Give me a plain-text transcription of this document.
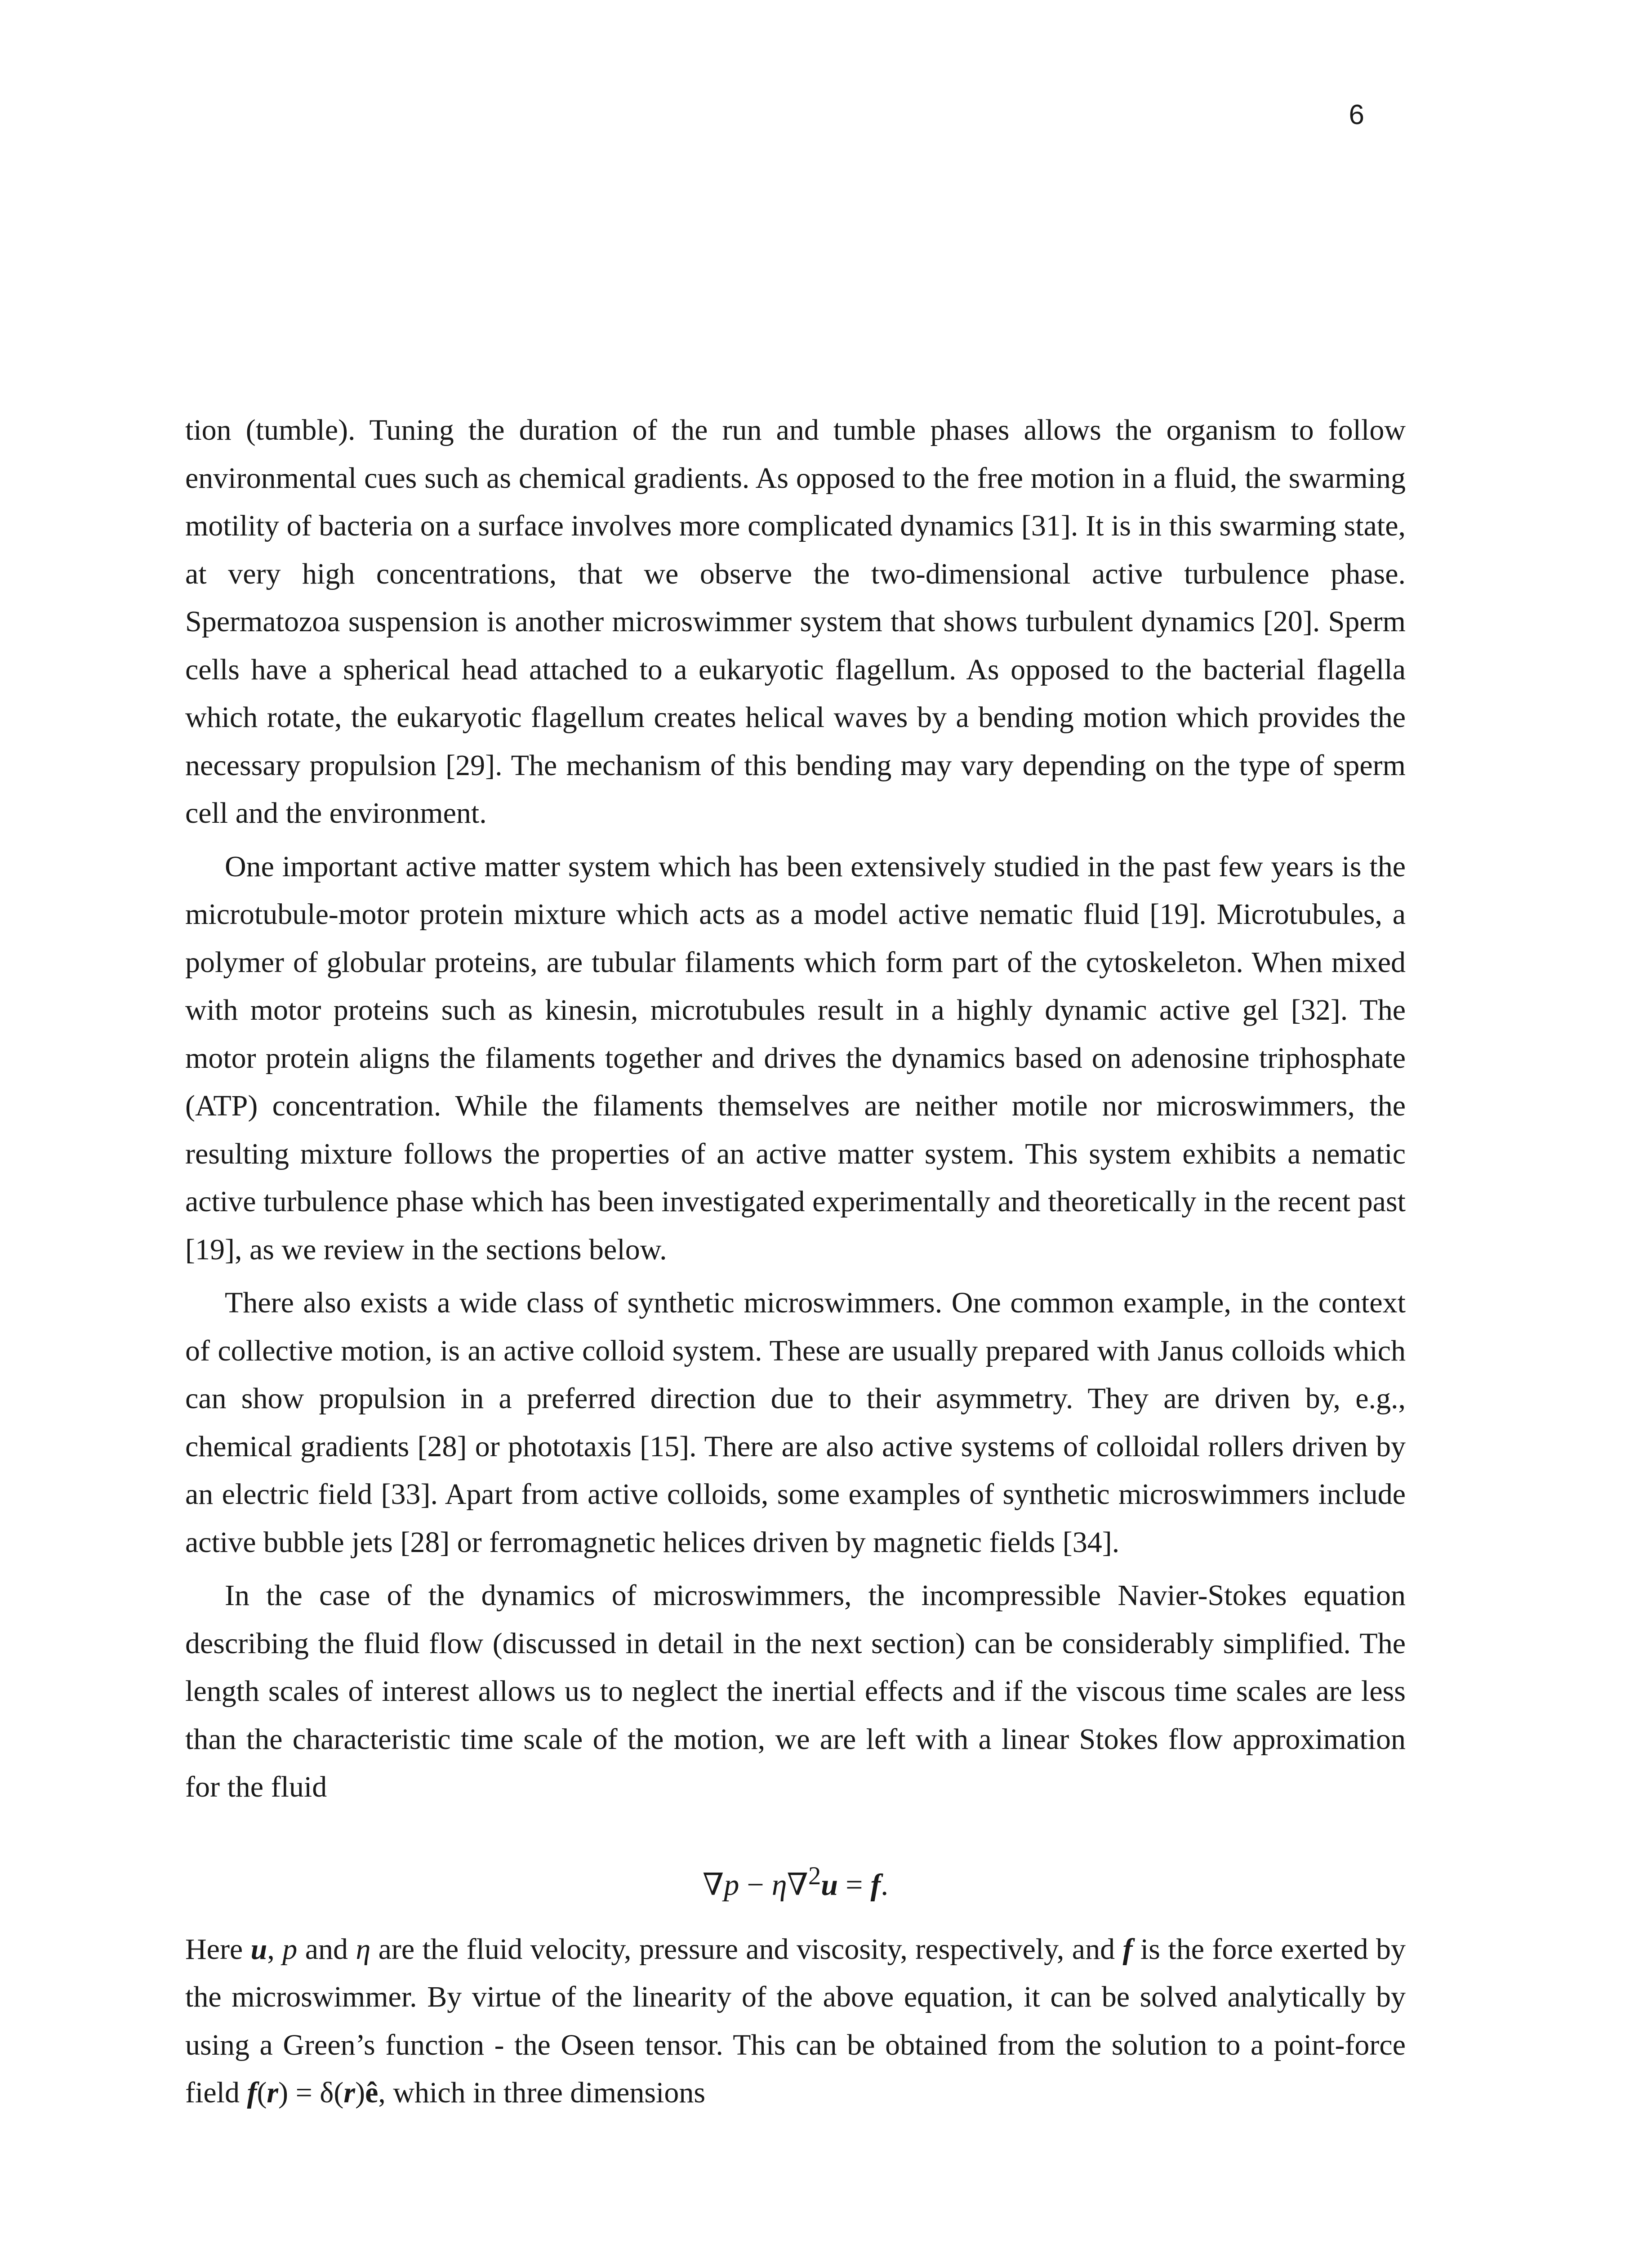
6

tion (tumble). Tuning the duration of the run and tumble phases allows the organism to follow environmental cues such as chemical gradients. As opposed to the free motion in a fluid, the swarming motility of bacteria on a surface involves more complicated dynamics [31]. It is in this swarming state, at very high concentrations, that we observe the two-dimensional active turbulence phase. Spermatozoa suspension is another microswimmer system that shows turbulent dynamics [20]. Sperm cells have a spherical head attached to a eukaryotic flagellum. As opposed to the bacterial flagella which rotate, the eukaryotic flagellum creates helical waves by a bending motion which provides the necessary propulsion [29]. The mechanism of this bending may vary depending on the type of sperm cell and the environment.

One important active matter system which has been extensively studied in the past few years is the microtubule-motor protein mixture which acts as a model active nematic fluid [19]. Microtubules, a polymer of globular proteins, are tubular filaments which form part of the cytoskeleton. When mixed with motor proteins such as kinesin, microtubules result in a highly dynamic active gel [32]. The motor protein aligns the filaments together and drives the dynamics based on adenosine triphosphate (ATP) concentration. While the filaments themselves are neither motile nor microswimmers, the resulting mixture follows the properties of an active matter system. This system exhibits a nematic active turbulence phase which has been investigated experimentally and theoretically in the recent past [19], as we review in the sections below.

There also exists a wide class of synthetic microswimmers. One common example, in the context of collective motion, is an active colloid system. These are usually prepared with Janus colloids which can show propulsion in a preferred direction due to their asymmetry. They are driven by, e.g., chemical gradients [28] or phototaxis [15]. There are also active systems of colloidal rollers driven by an electric field [33]. Apart from active colloids, some examples of synthetic microswimmers include active bubble jets [28] or ferromagnetic helices driven by magnetic fields [34].

In the case of the dynamics of microswimmers, the incompressible Navier-Stokes equation describing the fluid flow (discussed in detail in the next section) can be considerably simplified. The length scales of interest allows us to neglect the inertial effects and if the viscous time scales are less than the characteristic time scale of the motion, we are left with a linear Stokes flow approximation for the fluid

∇p − η∇$^2$u = f.

Here u, p and η are the fluid velocity, pressure and viscosity, respectively, and f is the force exerted by the microswimmer. By virtue of the linearity of the above equation, it can be solved analytically by using a Green’s function - the Oseen tensor. This can be obtained from the solution to a point-force field f(r) = δ(r)ê, which in three dimensions
